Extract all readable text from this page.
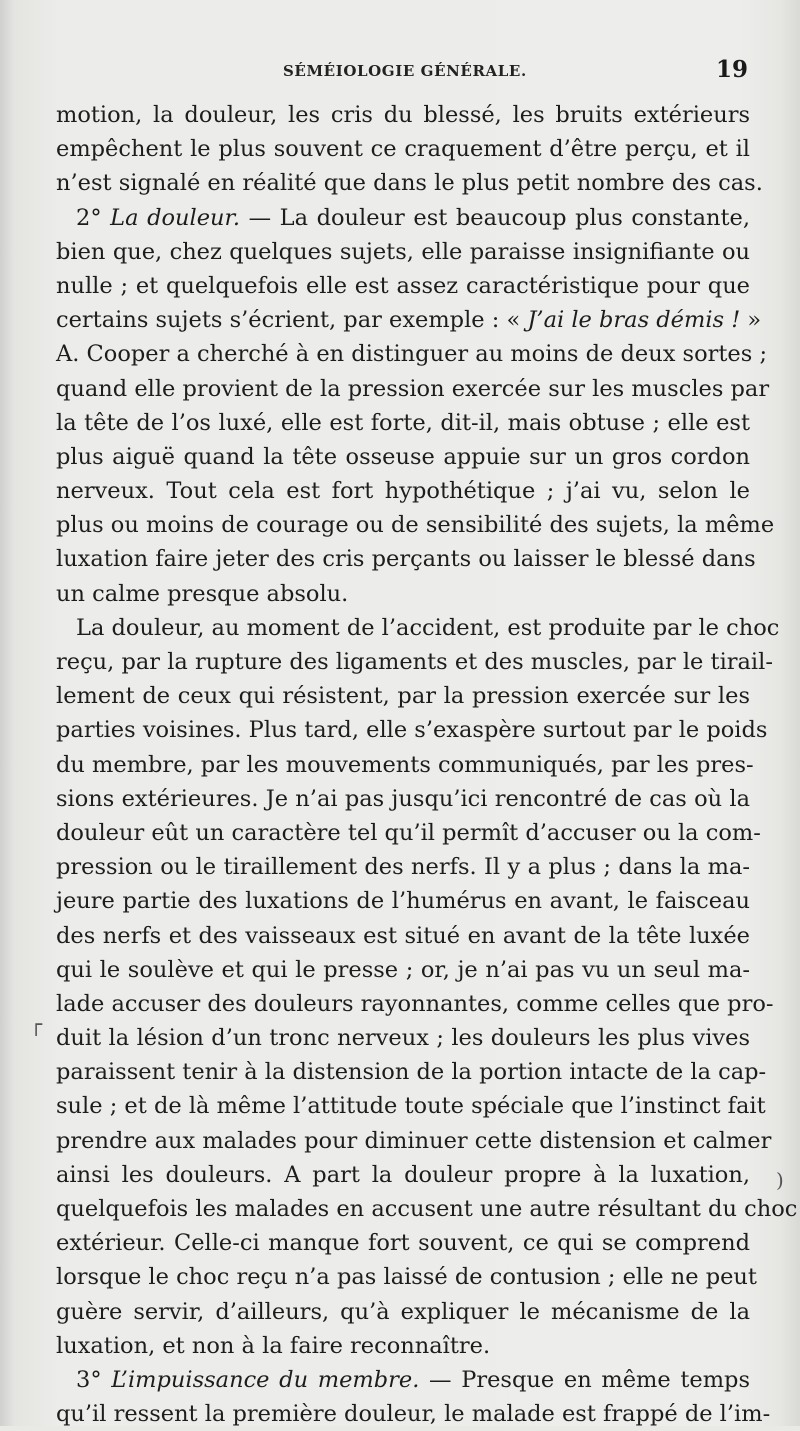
SÉMÉIOLOGIE GÉNÉRALE.	19
motion, la douleur, les cris du blessé, les bruits extérieurs
empêchent le plus souvent ce craquement d’être perçu, et il
n’est signalé en réalité que dans le plus petit nombre des cas.
2° La douleur. — La douleur est beaucoup plus constante,
bien que, chez quelques sujets, elle paraisse insignifiante ou
nulle ; et quelquefois elle est assez caractéristique pour que
certains sujets s’écrient, par exemple : « J’ai le bras démis ! »
A. Cooper a cherché à en distinguer au moins de deux sortes ;
quand elle provient de la pression exercée sur les muscles par
la tête de l’os luxé, elle est forte, dit-il, mais obtuse ; elle est
plus aiguë quand la tête osseuse appuie sur un gros cordon
nerveux. Tout cela est fort hypothétique ; j’ai vu, selon le
plus ou moins de courage ou de sensibilité des sujets, la même
luxation faire jeter des cris perçants ou laisser le blessé dans
un calme presque absolu.
La douleur, au moment de l’accident, est produite par le choc
reçu, par la rupture des ligaments et des muscles, par le tirail-
lement de ceux qui résistent, par la pression exercée sur les
parties voisines. Plus tard, elle s’exaspère surtout par le poids
du membre, par les mouvements communiqués, par les pres-
sions extérieures. Je n’ai pas jusqu’ici rencontré de cas où la
douleur eût un caractère tel qu’il permît d’accuser ou la com-
pression ou le tiraillement des nerfs. Il y a plus ; dans la ma-
jeure partie des luxations de l’humérus en avant, le faisceau
des nerfs et des vaisseaux est situé en avant de la tête luxée
qui le soulève et qui le presse ; or, je n’ai pas vu un seul ma-
lade accuser des douleurs rayonnantes, comme celles que pro-
duit la lésion d’un tronc nerveux ; les douleurs les plus vives
paraissent tenir à la distension de la portion intacte de la cap-
sule ; et de là même l’attitude toute spéciale que l’instinct fait
prendre aux malades pour diminuer cette distension et calmer
ainsi les douleurs. A part la douleur propre à la luxation,
quelquefois les malades en accusent une autre résultant du choc
extérieur. Celle-ci manque fort souvent, ce qui se comprend
lorsque le choc reçu n’a pas laissé de contusion ; elle ne peut
guère servir, d’ailleurs, qu’à expliquer le mécanisme de la
luxation, et non à la faire reconnaître.
3° L’impuissance du membre. — Presque en même temps
qu’il ressent la première douleur, le malade est frappé de l’im-
┌
)
